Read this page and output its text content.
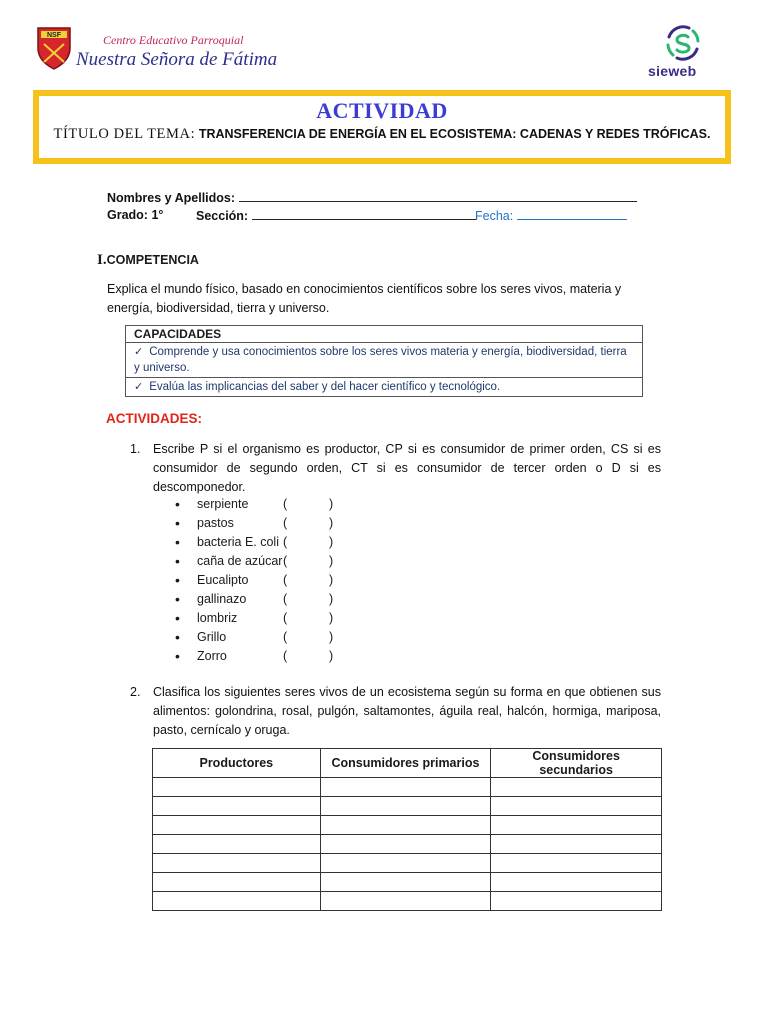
NSF	Centro Educativo Parroquial
Nuestra Señora de Fátima
sieweb
ACTIVIDAD
TÍTULO DEL TEMA: TRANSFERENCIA DE ENERGÍA EN EL ECOSISTEMA: CADENAS Y REDES TRÓFICAS.
Nombres y Apellidos:
Grado: 1°	Sección:	Fecha:
I.COMPETENCIA
Explica el mundo físico, basado en conocimientos científicos sobre los seres vivos, materia y energía, biodiversidad, tierra y universo.
CAPACIDADES
✓ Comprende y usa conocimientos sobre los seres vivos materia y energía, biodiversidad, tierra y universo.
✓ Evalúa las implicancias del saber y del hacer científico y tecnológico.
ACTIVIDADES:
1. Escribe P si el organismo es productor, CP si es consumidor de primer orden, CS si es consumidor de segundo orden, CT si es consumidor de tercer orden o D si es descomponedor.
• serpiente	(	)
• pastos	(	)
• bacteria E. coli (	)
• caña de azúcar (	)
• Eucalipto	(	)
• gallinazo	(	)
• lombriz	(	)
• Grillo	(	)
• Zorro	(	)
2. Clasifica los siguientes seres vivos de un ecosistema según su forma en que obtienen sus alimentos: golondrina, rosal, pulgón, saltamontes, águila real, halcón, hormiga, mariposa, pasto, cernícalo y oruga.
Productores	Consumidores primarios	Consumidores secundarios
